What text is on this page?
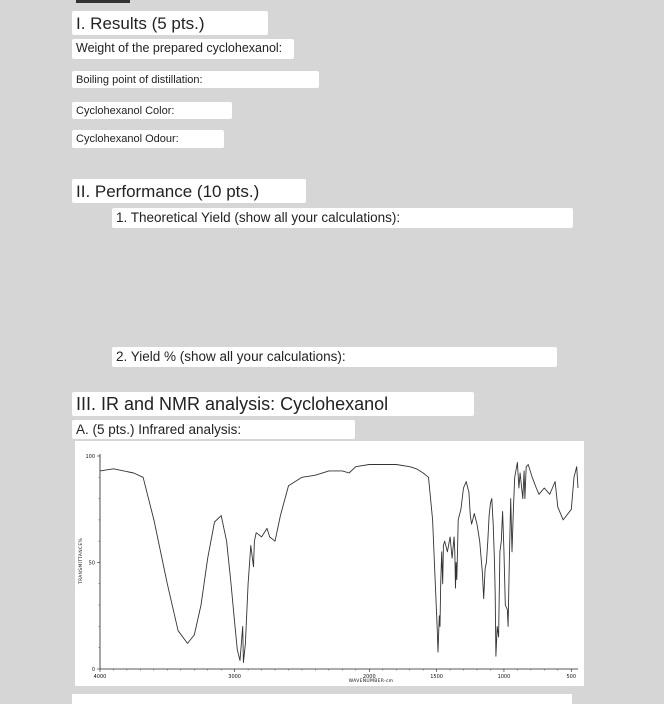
I. Results (5 pts.)
Weight of the prepared cyclohexanol:
Boiling point of distillation:
Cyclohexanol Color:
Cyclohexanol Odour:
II. Performance (10 pts.)
1. Theoretical Yield (show all your calculations):
2. Yield % (show all your calculations):
III. IR and NMR analysis: Cyclohexanol
A. (5 pts.) Infrared analysis:
4000	3000	2000	1500	1000	500
0
50
100
TRANSMITTANCE%
WAVENUMBER-cm
